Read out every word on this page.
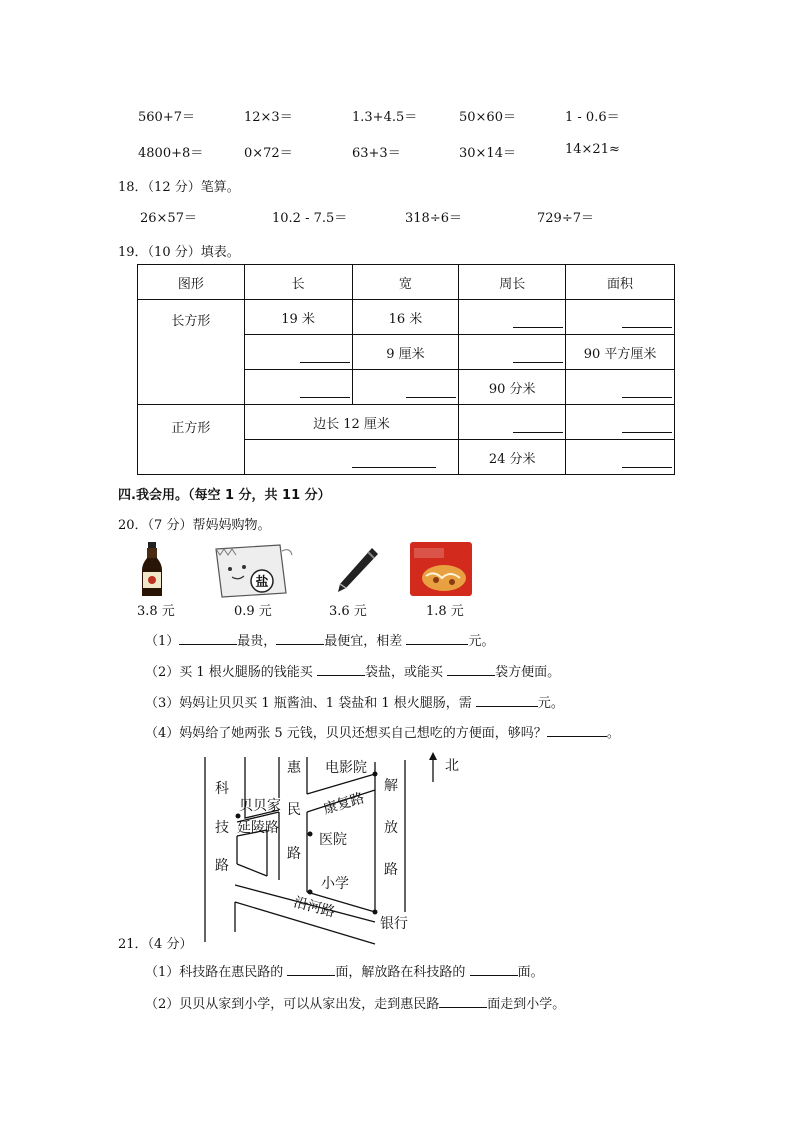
560+7＝	12×3＝	1.3+4.5＝	50×60＝	1 - 0.6＝
4800+8＝	0×72＝	63+3＝	30×14＝	14×21≈
18．（12 分）笔算。
26×57＝	10.2 - 7.5＝	318÷6＝	729÷7＝
19．（10 分）填表。
图形	长	宽	周长	面积
长方形	19 米	16 米		
		9 厘米		90 平方厘米
			90 分米	
正方形	边长 12 厘米			
			24 分米	
四.我会用。（每空 1 分，共 11 分）
20．（7 分）帮妈妈购物。
盐
3.8 元	0.9 元	3.6 元	1.8 元
（1）	最贵，	最便宜，相差	元。
（2）买 1 根火腿肠的钱能买	袋盐，或能买	袋方便面。
（3）妈妈让贝贝买 1 瓶酱油、1 袋盐和 1 根火腿肠，需	元。
（4）妈妈给了她两张 5 元钱，贝贝还想买自己想吃的方便面，够吗？	。
北
科
技
路
惠
民
路
解
放
路
电影院
贝贝家
延陵路
康复路
医院
小学
沿河路
银行
21．（4 分）
（1）科技路在惠民路的	面，解放路在科技路的	面。
（2）贝贝从家到小学，可以从家出发，走到惠民路	面走到小学。
